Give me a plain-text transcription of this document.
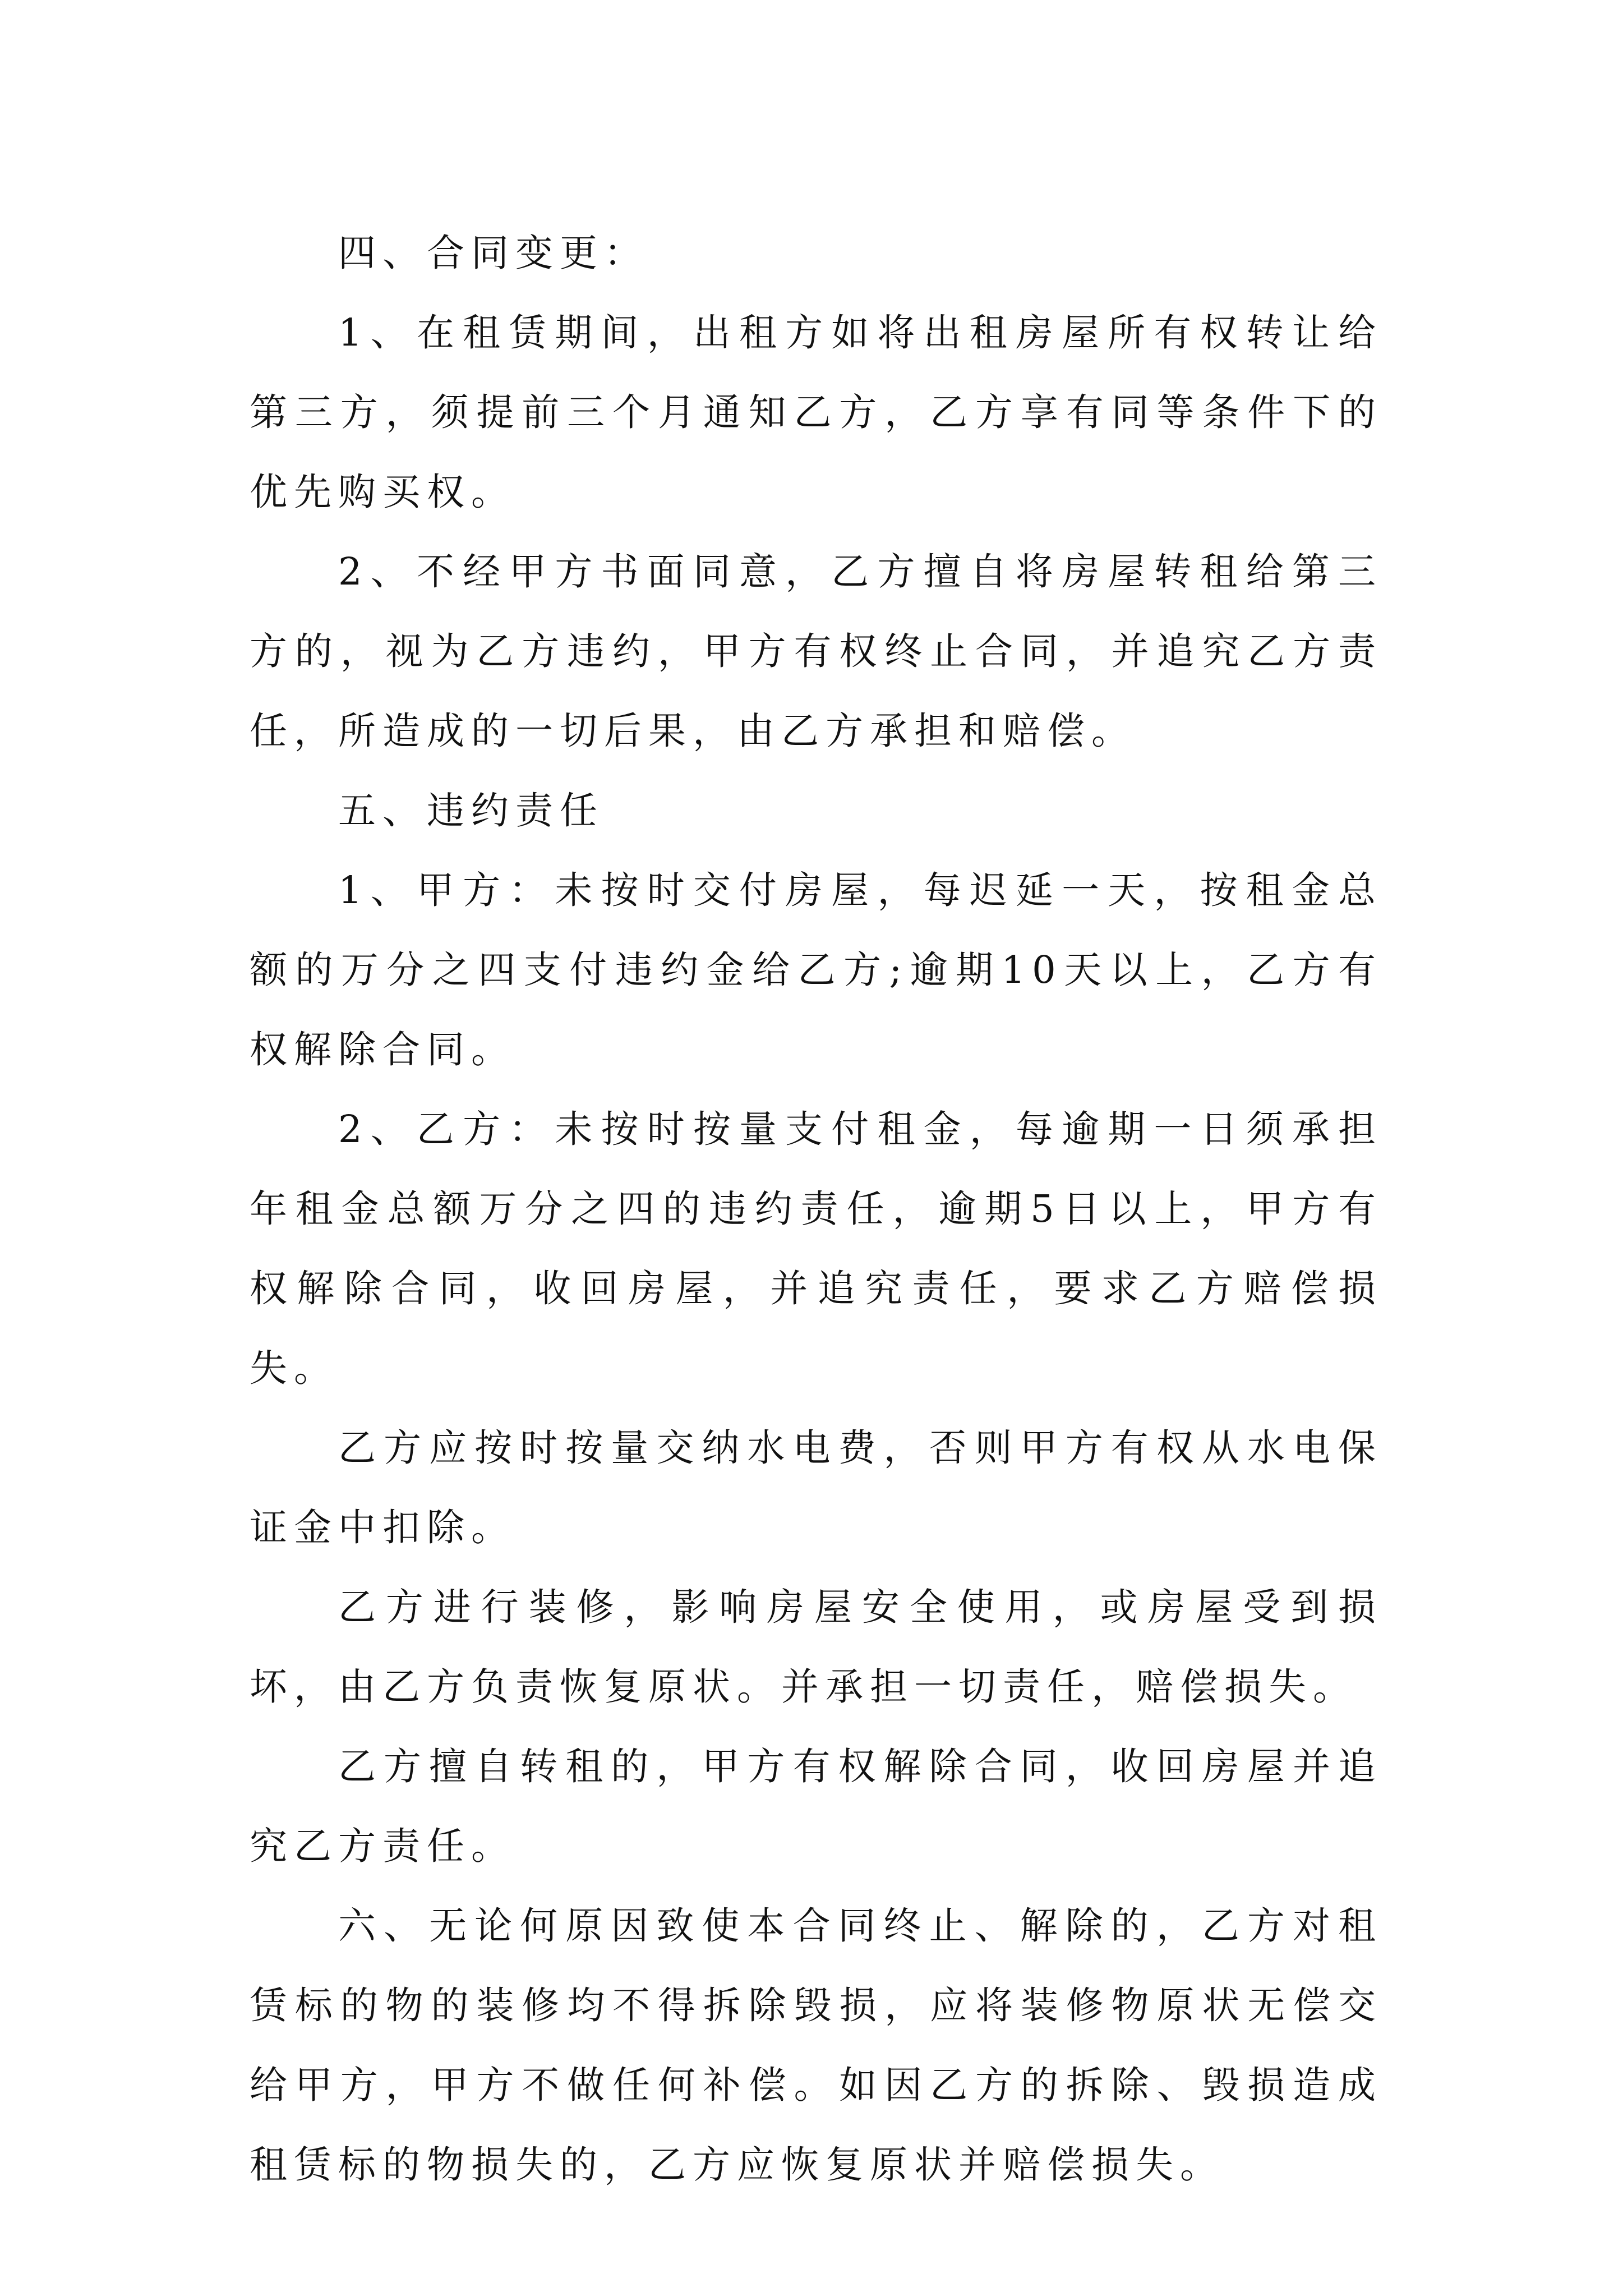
四、合同变更：

1、在租赁期间，出租方如将出租房屋所有权转让给第三方，须提前三个月通知乙方，乙方享有同等条件下的优先购买权。

2、不经甲方书面同意，乙方擅自将房屋转租给第三方的，视为乙方违约，甲方有权终止合同，并追究乙方责任，所造成的一切后果，由乙方承担和赔偿。

五、违约责任

1、甲方：未按时交付房屋，每迟延一天，按租金总额的万分之四支付违约金给乙方;逾期10天以上，乙方有权解除合同。

2、乙方：未按时按量支付租金，每逾期一日须承担年租金总额万分之四的违约责任，逾期5日以上，甲方有权解除合同，收回房屋，并追究责任，要求乙方赔偿损失。

乙方应按时按量交纳水电费，否则甲方有权从水电保证金中扣除。

乙方进行装修，影响房屋安全使用，或房屋受到损坏，由乙方负责恢复原状。并承担一切责任，赔偿损失。

乙方擅自转租的，甲方有权解除合同，收回房屋并追究乙方责任。

六、无论何原因致使本合同终止、解除的，乙方对租赁标的物的装修均不得拆除毁损，应将装修物原状无偿交给甲方，甲方不做任何补偿。如因乙方的拆除、毁损造成租赁标的物损失的，乙方应恢复原状并赔偿损失。
